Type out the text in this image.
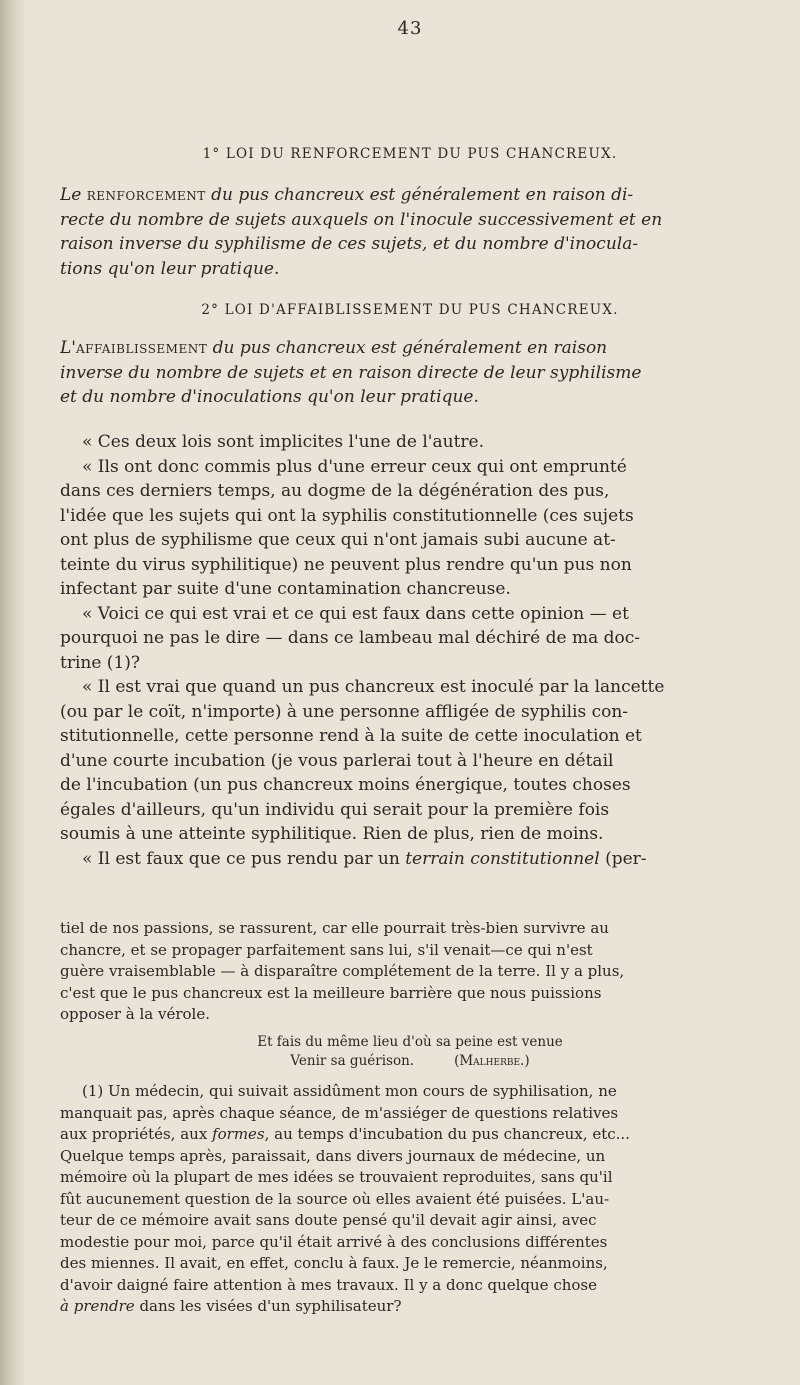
43
1° LOI DU RENFORCEMENT DU PUS CHANCREUX.

Le renforcement du pus chancreux est généralement en raison di-
recte du nombre de sujets auxquels on l'inocule successivement et en
raison inverse du syphilisme de ces sujets, et du nombre d'inocula-
tions qu'on leur pratique.

2° LOI D'AFFAIBLISSEMENT DU PUS CHANCREUX.

L'affaiblissement du pus chancreux est généralement en raison
inverse du nombre de sujets et en raison directe de leur syphilisme
et du nombre d'inoculations qu'on leur pratique.

« Ces deux lois sont implicites l'une de l'autre.
« Ils ont donc commis plus d'une erreur ceux qui ont emprunté
dans ces derniers temps, au dogme de la dégénération des pus,
l'idée que les sujets qui ont la syphilis constitutionnelle (ces sujets
ont plus de syphilisme que ceux qui n'ont jamais subi aucune at-
teinte du virus syphilitique) ne peuvent plus rendre qu'un pus non
infectant par suite d'une contamination chancreuse.
« Voici ce qui est vrai et ce qui est faux dans cette opinion — et
pourquoi ne pas le dire — dans ce lambeau mal déchiré de ma doc-
trine (1)?
« Il est vrai que quand un pus chancreux est inoculé par la lancette
(ou par le coït, n'importe) à une personne affligée de syphilis con-
stitutionnelle, cette personne rend à la suite de cette inoculation et
d'une courte incubation (je vous parlerai tout à l'heure en détail
de l'incubation (un pus chancreux moins énergique, toutes choses
égales d'ailleurs, qu'un individu qui serait pour la première fois
soumis à une atteinte syphilitique. Rien de plus, rien de moins.
« Il est faux que ce pus rendu par un terrain constitutionnel (per-

tiel de nos passions, se rassurent, car elle pourrait très-bien survivre au
chancre, et se propager parfaitement sans lui, s'il venait—ce qui n'est
guère vraisemblable — à disparaître complétement de la terre. Il y a plus,
c'est que le pus chancreux est la meilleure barrière que nous puissions
opposer à la vérole.

Et fais du même lieu d'où sa peine est venue
Venir sa guérison.	(Malherbe.)

(1) Un médecin, qui suivait assidûment mon cours de syphilisation, ne
manquait pas, après chaque séance, de m'assiéger de questions relatives
aux propriétés, aux formes, au temps d'incubation du pus chancreux, etc...
Quelque temps après, paraissait, dans divers journaux de médecine, un
mémoire où la plupart de mes idées se trouvaient reproduites, sans qu'il
fût aucunement question de la source où elles avaient été puisées. L'au-
teur de ce mémoire avait sans doute pensé qu'il devait agir ainsi, avec
modestie pour moi, parce qu'il était arrivé à des conclusions différentes
des miennes. Il avait, en effet, conclu à faux. Je le remercie, néanmoins,
d'avoir daigné faire attention à mes travaux. Il y a donc quelque chose
à prendre dans les visées d'un syphilisateur?
